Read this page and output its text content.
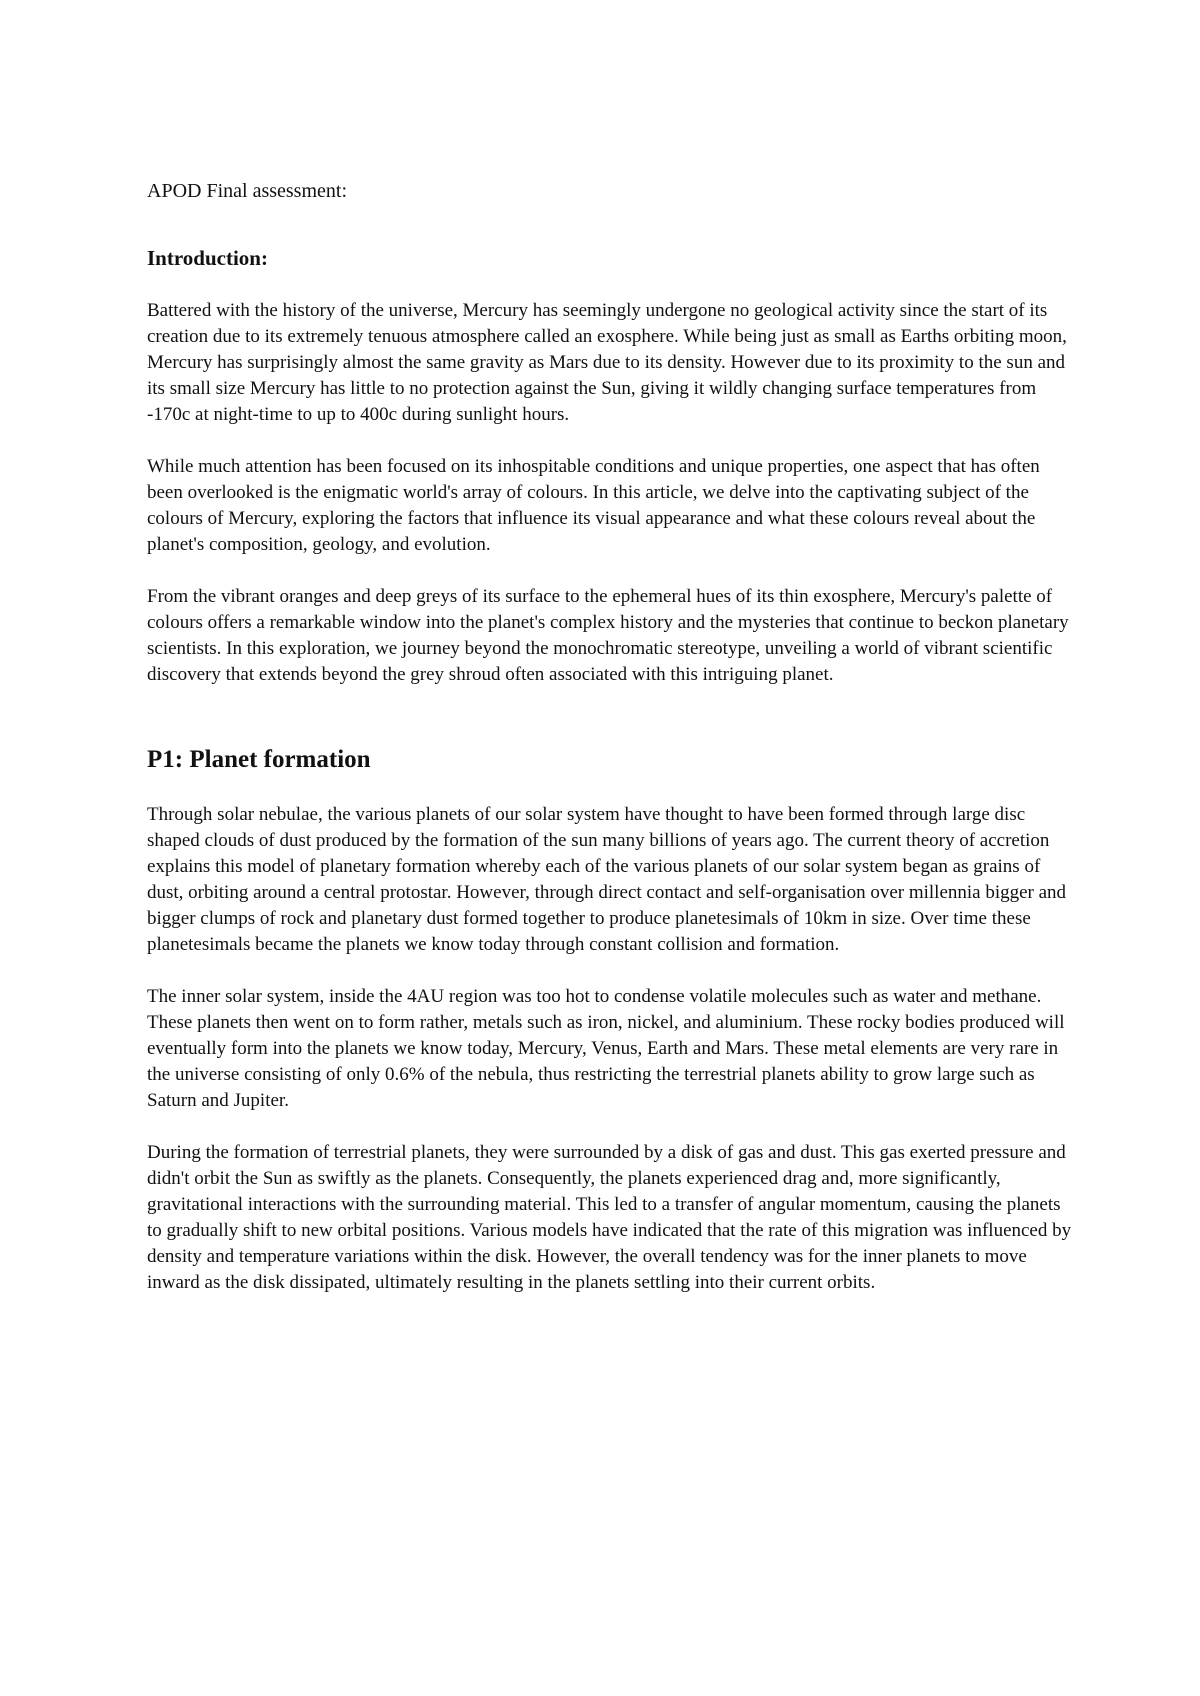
APOD Final assessment:
Introduction:

Battered with the history of the universe, Mercury has seemingly undergone no geological activity since the start of its creation due to its extremely tenuous atmosphere called an exosphere. While being just as small as Earths orbiting moon, Mercury has surprisingly almost the same gravity as Mars due to its density. However due to its proximity to the sun and its small size Mercury has little to no protection against the Sun, giving it wildly changing surface temperatures from -170c at night-time to up to 400c during sunlight hours.

While much attention has been focused on its inhospitable conditions and unique properties, one aspect that has often been overlooked is the enigmatic world's array of colours. In this article, we delve into the captivating subject of the colours of Mercury, exploring the factors that influence its visual appearance and what these colours reveal about the planet's composition, geology, and evolution.

From the vibrant oranges and deep greys of its surface to the ephemeral hues of its thin exosphere, Mercury's palette of colours offers a remarkable window into the planet's complex history and the mysteries that continue to beckon planetary scientists. In this exploration, we journey beyond the monochromatic stereotype, unveiling a world of vibrant scientific discovery that extends beyond the grey shroud often associated with this intriguing planet.

P1: Planet formation

Through solar nebulae, the various planets of our solar system have thought to have been formed through large disc shaped clouds of dust produced by the formation of the sun many billions of years ago. The current theory of accretion explains this model of planetary formation whereby each of the various planets of our solar system began as grains of dust, orbiting around a central protostar. However, through direct contact and self-organisation over millennia bigger and bigger clumps of rock and planetary dust formed together to produce planetesimals of 10km in size. Over time these planetesimals became the planets we know today through constant collision and formation.

The inner solar system, inside the 4AU region was too hot to condense volatile molecules such as water and methane. These planets then went on to form rather, metals such as iron, nickel, and aluminium. These rocky bodies produced will eventually form into the planets we know today, Mercury, Venus, Earth and Mars. These metal elements are very rare in the universe consisting of only 0.6% of the nebula, thus restricting the terrestrial planets ability to grow large such as Saturn and Jupiter.

During the formation of terrestrial planets, they were surrounded by a disk of gas and dust. This gas exerted pressure and didn't orbit the Sun as swiftly as the planets. Consequently, the planets experienced drag and, more significantly, gravitational interactions with the surrounding material. This led to a transfer of angular momentum, causing the planets to gradually shift to new orbital positions. Various models have indicated that the rate of this migration was influenced by density and temperature variations within the disk. However, the overall tendency was for the inner planets to move inward as the disk dissipated, ultimately resulting in the planets settling into their current orbits.
